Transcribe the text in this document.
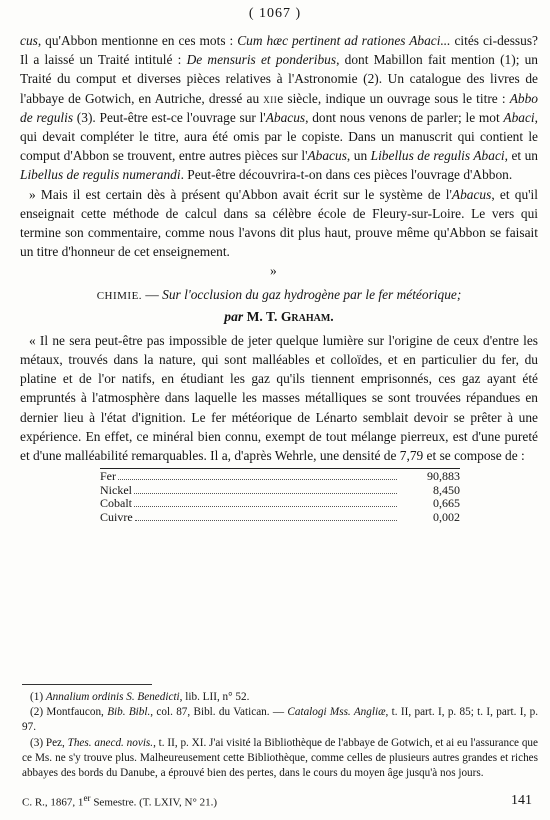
( 1067 )

cus, qu'Abbon mentionne en ces mots : Cum hæc pertinent ad rationes Abaci... cités ci-dessus? Il a laissé un Traité intitulé : De mensuris et ponderibus, dont Mabillon fait mention (1); un Traité du comput et diverses pièces relatives à l'Astronomie (2). Un catalogue des livres de l'abbaye de Gotwich, en Autriche, dressé au xiie siècle, indique un ouvrage sous le titre : Abbo de regulis (3). Peut-être est-ce l'ouvrage sur l'Abacus, dont nous venons de parler; le mot Abaci, qui devait compléter le titre, aura été omis par le copiste. Dans un manuscrit qui contient le comput d'Abbon se trouvent, entre autres pièces sur l'Abacus, un Libellus de regulis Abaci, et un Libellus de regulis numerandi. Peut-être découvrira-t-on dans ces pièces l'ouvrage d'Abbon.

» Mais il est certain dès à présent qu'Abbon avait écrit sur le système de l'Abacus, et qu'il enseignait cette méthode de calcul dans sa célèbre école de Fleury-sur-Loire. Le vers qui termine son commentaire, comme nous l'avons dit plus haut, prouve même qu'Abbon se faisait un titre d'honneur de cet enseignement.

»

CHIMIE. — Sur l'occlusion du gaz hydrogène par le fer météorique;
par M. T. Graham.

« Il ne sera peut-être pas impossible de jeter quelque lumière sur l'origine de ceux d'entre les métaux, trouvés dans la nature, qui sont malléables et colloïdes, et en particulier du fer, du platine et de l'or natifs, en étudiant les gaz qu'ils tiennent emprisonnés, ces gaz ayant été empruntés à l'atmosphère dans laquelle les masses métalliques se sont trouvées répandues en dernier lieu à l'état d'ignition. Le fer météorique de Lénarto semblait devoir se prêter à une expérience. En effet, ce minéral bien connu, exempt de tout mélange pierreux, est d'une pureté et d'une malléabilité remarquables. Il a, d'après Wehrle, une densité de 7,79 et se compose de :

Fer	90,883

Nickel	8,450

Cobalt	0,665

Cuivre	0,002

(1) Annalium ordinis S. Benedicti, lib. LII, n° 52.

(2) Montfaucon, Bib. Bibl., col. 87, Bibl. du Vatican. — Catalogi Mss. Angliæ, t. II, part. I, p. 85; t. I, part. I, p. 97.

(3) Pez, Thes. anecd. novis., t. II, p. XI. J'ai visité la Bibliothèque de l'abbaye de Gotwich, et ai eu l'assurance que ce Ms. ne s'y trouve plus. Malheureusement cette Bibliothèque, comme celles de plusieurs autres grandes et riches abbayes des bords du Danube, a éprouvé bien des pertes, dans le cours du moyen âge jusqu'à nos jours.

C. R., 1867, 1er Semestre. (T. LXIV, N° 21.)	141
